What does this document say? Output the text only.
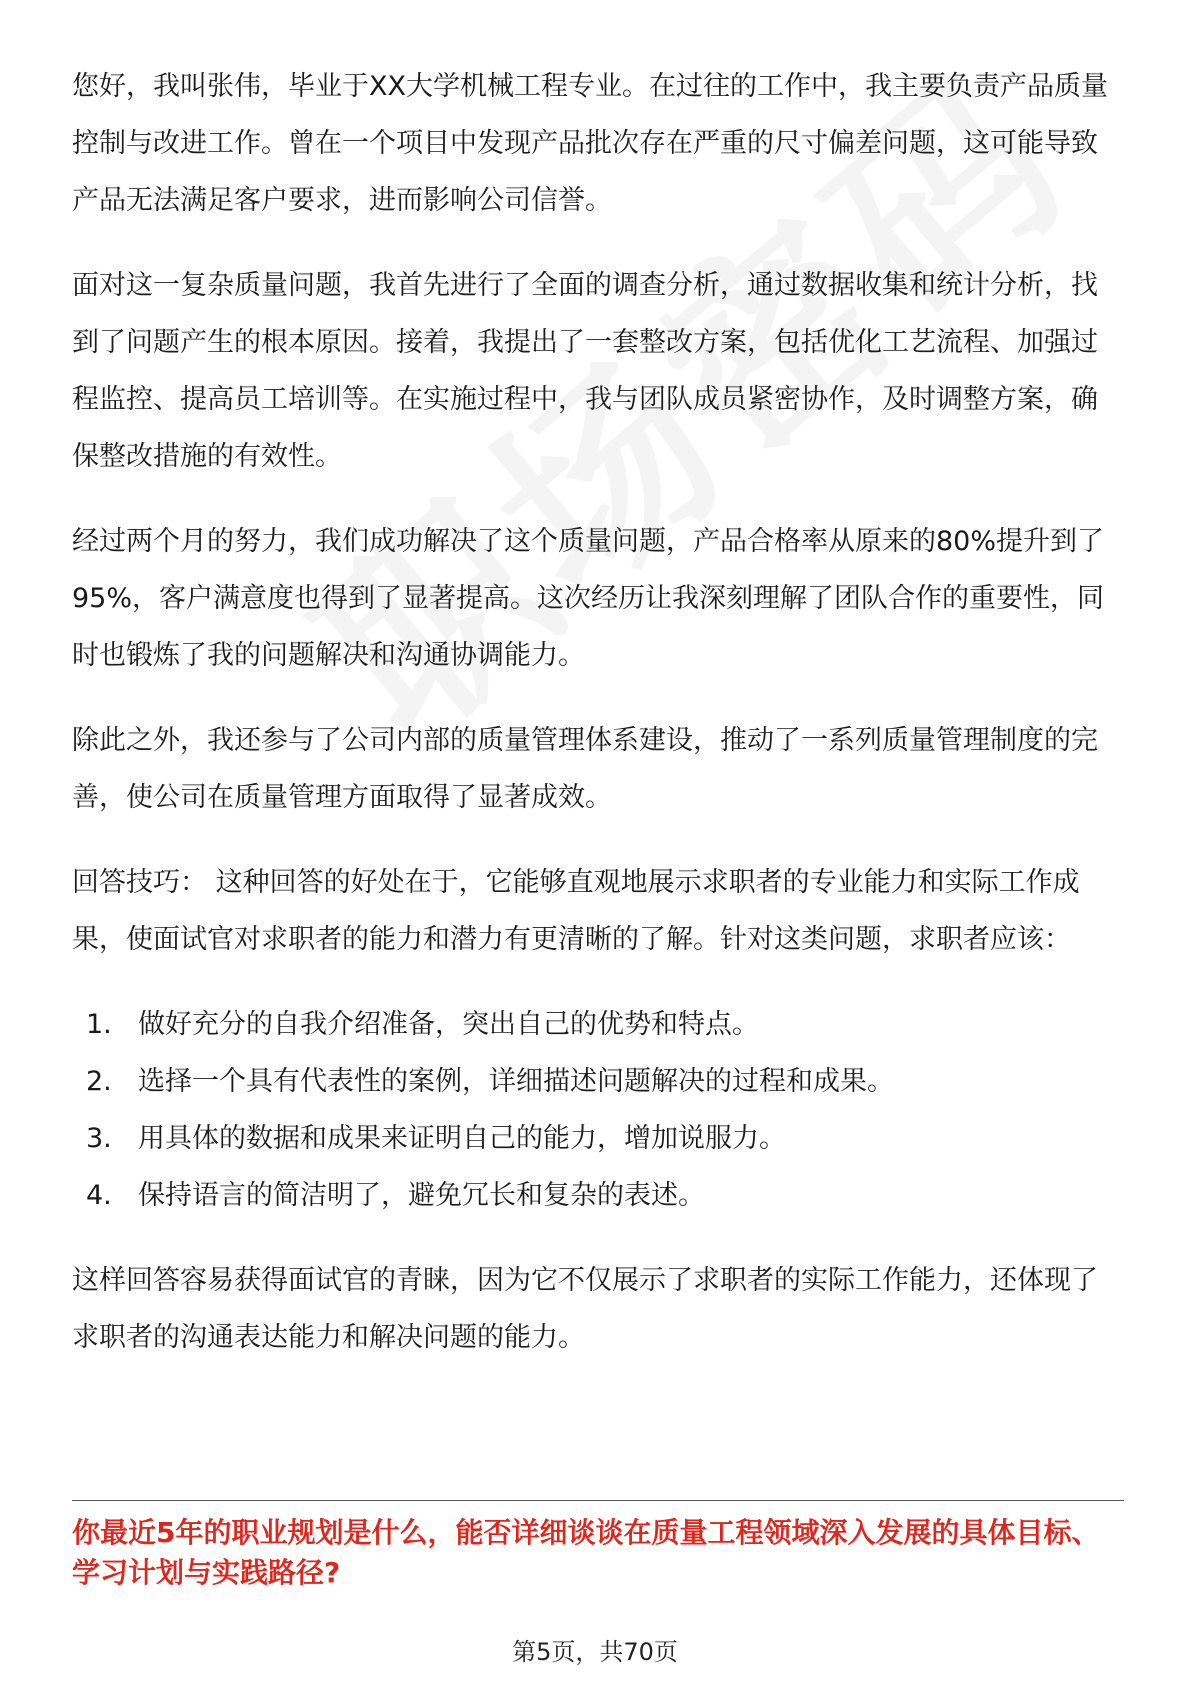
您好，我叫张伟，毕业于XX大学机械工程专业。在过往的工作中，我主要负责产品质量控制与改进工作。曾在一个项目中发现产品批次存在严重的尺寸偏差问题，这可能导致产品无法满足客户要求，进而影响公司信誉。

面对这一复杂质量问题，我首先进行了全面的调查分析，通过数据收集和统计分析，找到了问题产生的根本原因。接着，我提出了一套整改方案，包括优化工艺流程、加强过程监控、提高员工培训等。在实施过程中，我与团队成员紧密协作，及时调整方案，确保整改措施的有效性。

经过两个月的努力，我们成功解决了这个质量问题，产品合格率从原来的80%提升到了95%，客户满意度也得到了显著提高。这次经历让我深刻理解了团队合作的重要性，同时也锻炼了我的问题解决和沟通协调能力。

除此之外，我还参与了公司内部的质量管理体系建设，推动了一系列质量管理制度的完善，使公司在质量管理方面取得了显著成效。

回答技巧： 这种回答的好处在于，它能够直观地展示求职者的专业能力和实际工作成果，使面试官对求职者的能力和潜力有更清晰的了解。针对这类问题，求职者应该：

1. 做好充分的自我介绍准备，突出自己的优势和特点。
2. 选择一个具有代表性的案例，详细描述问题解决的过程和成果。
3. 用具体的数据和成果来证明自己的能力，增加说服力。
4. 保持语言的简洁明了，避免冗长和复杂的表述。

这样回答容易获得面试官的青睐，因为它不仅展示了求职者的实际工作能力，还体现了求职者的沟通表达能力和解决问题的能力。

你最近5年的职业规划是什么，能否详细谈谈在质量工程领域深入发展的具体目标、学习计划与实践路径?
第5页，共70页
